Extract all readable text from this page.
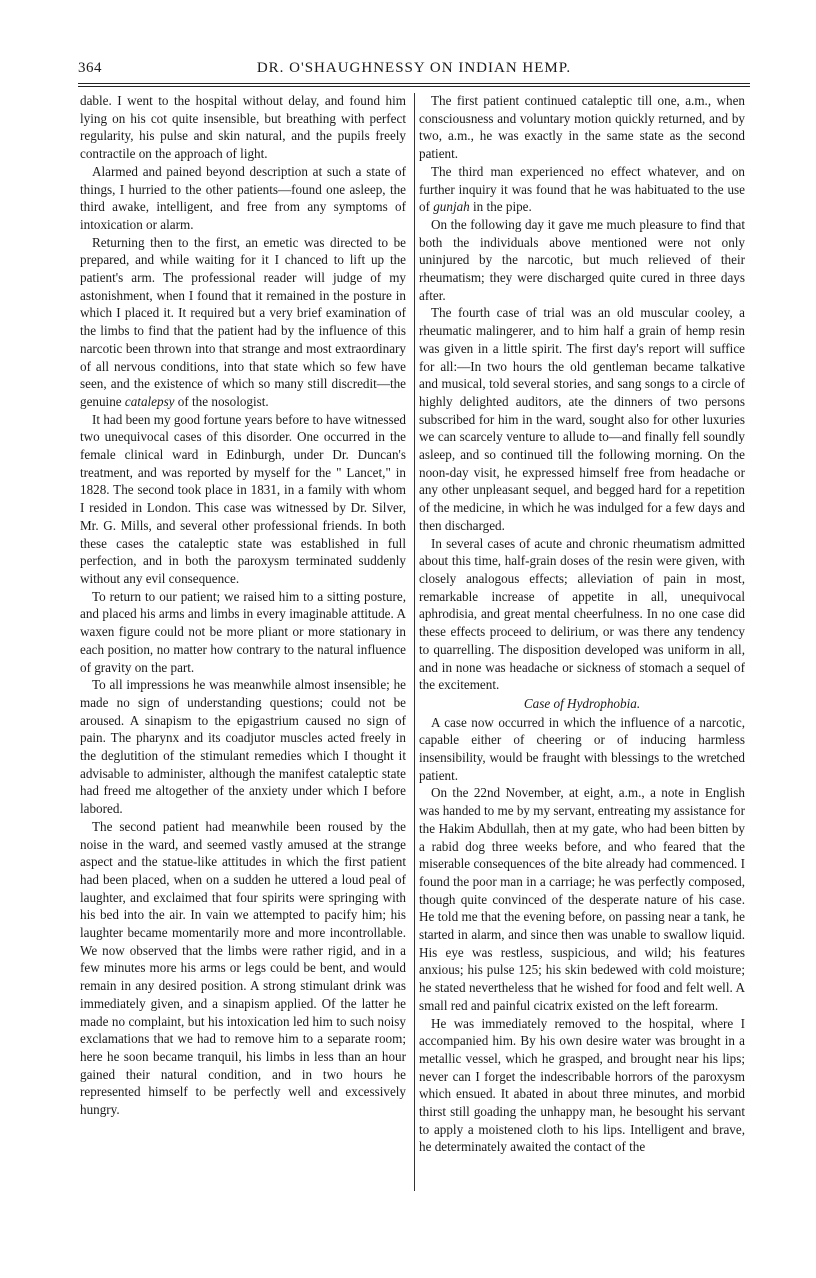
364	DR. O'SHAUGHNESSY ON INDIAN HEMP.

dable. I went to the hospital without delay, and found him lying on his cot quite insensible, but breathing with perfect regularity, his pulse and skin natural, and the pupils freely contractile on the approach of light.

Alarmed and pained beyond description at such a state of things, I hurried to the other patients—found one asleep, the third awake, intelligent, and free from any symptoms of intoxication or alarm.

Returning then to the first, an emetic was directed to be prepared, and while waiting for it I chanced to lift up the patient's arm. The professional reader will judge of my astonishment, when I found that it remained in the posture in which I placed it. It required but a very brief examination of the limbs to find that the patient had by the influence of this narcotic been thrown into that strange and most extraordinary of all nervous conditions, into that state which so few have seen, and the existence of which so many still discredit—the genuine catalepsy of the nosologist.

It had been my good fortune years before to have witnessed two unequivocal cases of this disorder. One occurred in the female clinical ward in Edinburgh, under Dr. Duncan's treatment, and was reported by myself for the " Lancet," in 1828. The second took place in 1831, in a family with whom I resided in London. This case was witnessed by Dr. Silver, Mr. G. Mills, and several other professional friends. In both these cases the cataleptic state was established in full perfection, and in both the paroxysm terminated suddenly without any evil consequence.

To return to our patient; we raised him to a sitting posture, and placed his arms and limbs in every imaginable attitude. A waxen figure could not be more pliant or more stationary in each position, no matter how contrary to the natural influence of gravity on the part.

To all impressions he was meanwhile almost insensible; he made no sign of understanding questions; could not be aroused. A sinapism to the epigastrium caused no sign of pain. The pharynx and its coadjutor muscles acted freely in the deglutition of the stimulant remedies which I thought it advisable to administer, although the manifest cataleptic state had freed me altogether of the anxiety under which I before labored.

The second patient had meanwhile been roused by the noise in the ward, and seemed vastly amused at the strange aspect and the statue-like attitudes in which the first patient had been placed, when on a sudden he uttered a loud peal of laughter, and exclaimed that four spirits were springing with his bed into the air. In vain we attempted to pacify him; his laughter became momentarily more and more incontrollable. We now observed that the limbs were rather rigid, and in a few minutes more his arms or legs could be bent, and would remain in any desired position. A strong stimulant drink was immediately given, and a sinapism applied. Of the latter he made no complaint, but his intoxication led him to such noisy exclamations that we had to remove him to a separate room; here he soon became tranquil, his limbs in less than an hour gained their natural condition, and in two hours he represented himself to be perfectly well and excessively hungry.

The first patient continued cataleptic till one, a.m., when consciousness and voluntary motion quickly returned, and by two, a.m., he was exactly in the same state as the second patient.

The third man experienced no effect whatever, and on further inquiry it was found that he was habituated to the use of gunjah in the pipe.

On the following day it gave me much pleasure to find that both the individuals above mentioned were not only uninjured by the narcotic, but much relieved of their rheumatism; they were discharged quite cured in three days after.

The fourth case of trial was an old muscular cooley, a rheumatic malingerer, and to him half a grain of hemp resin was given in a little spirit. The first day's report will suffice for all:—In two hours the old gentleman became talkative and musical, told several stories, and sang songs to a circle of highly delighted auditors, ate the dinners of two persons subscribed for him in the ward, sought also for other luxuries we can scarcely venture to allude to—and finally fell soundly asleep, and so continued till the following morning. On the noon-day visit, he expressed himself free from headache or any other unpleasant sequel, and begged hard for a repetition of the medicine, in which he was indulged for a few days and then discharged.

In several cases of acute and chronic rheumatism admitted about this time, half-grain doses of the resin were given, with closely analogous effects; alleviation of pain in most, remarkable increase of appetite in all, unequivocal aphrodisia, and great mental cheerfulness. In no one case did these effects proceed to delirium, or was there any tendency to quarrelling. The disposition developed was uniform in all, and in none was headache or sickness of stomach a sequel of the excitement.

Case of Hydrophobia.

A case now occurred in which the influence of a narcotic, capable either of cheering or of inducing harmless insensibility, would be fraught with blessings to the wretched patient.

On the 22nd November, at eight, a.m., a note in English was handed to me by my servant, entreating my assistance for the Hakim Abdullah, then at my gate, who had been bitten by a rabid dog three weeks before, and who feared that the miserable consequences of the bite already had commenced. I found the poor man in a carriage; he was perfectly composed, though quite convinced of the desperate nature of his case. He told me that the evening before, on passing near a tank, he started in alarm, and since then was unable to swallow liquid. His eye was restless, suspicious, and wild; his features anxious; his pulse 125; his skin bedewed with cold moisture; he stated nevertheless that he wished for food and felt well. A small red and painful cicatrix existed on the left forearm.

He was immediately removed to the hospital, where I accompanied him. By his own desire water was brought in a metallic vessel, which he grasped, and brought near his lips; never can I forget the indescribable horrors of the paroxysm which ensued. It abated in about three minutes, and morbid thirst still goading the unhappy man, he besought his servant to apply a moistened cloth to his lips. Intelligent and brave, he determinately awaited the contact of the
